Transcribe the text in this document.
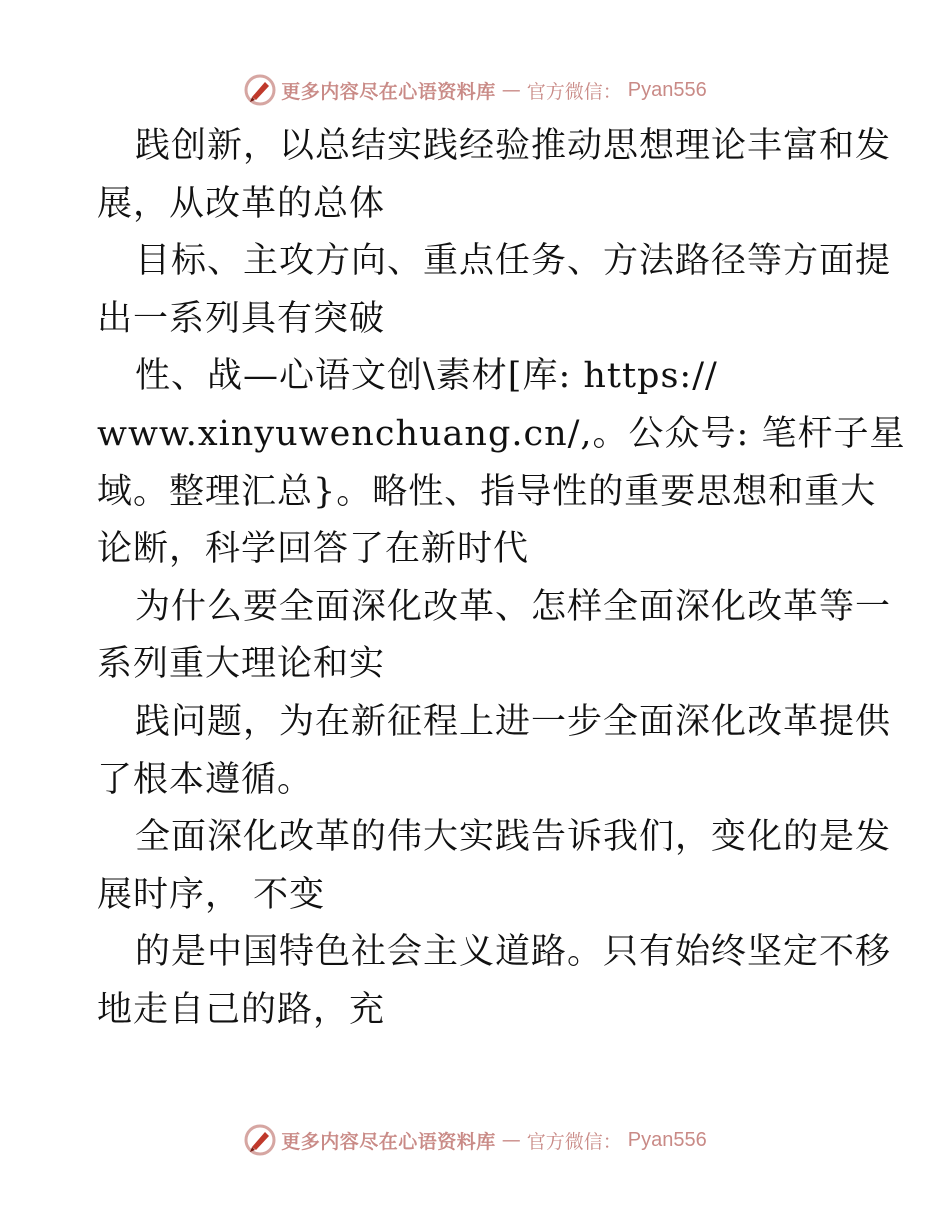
更多内容尽在心语资料库 — 官方微信： Pyan556
践创新，以总结实践经验推动思想理论丰富和发
展，从改革的总体
目标、主攻方向、重点任务、方法路径等方面提
出一系列具有突破
性、战—心语文创\素材[库: https://
www.xinyuwenchuang.cn/,。公众号: 笔杆子星
域。整理汇总}。略性、指导性的重要思想和重大
论断，科学回答了在新时代
为什么要全面深化改革、怎样全面深化改革等一
系列重大理论和实
践问题，为在新征程上进一步全面深化改革提供
了根本遵循。
全面深化改革的伟大实践告诉我们，变化的是发
展时序， 不变
的是中国特色社会主义道路。只有始终坚定不移
地走自己的路，充
更多内容尽在心语资料库 — 官方微信： Pyan556
